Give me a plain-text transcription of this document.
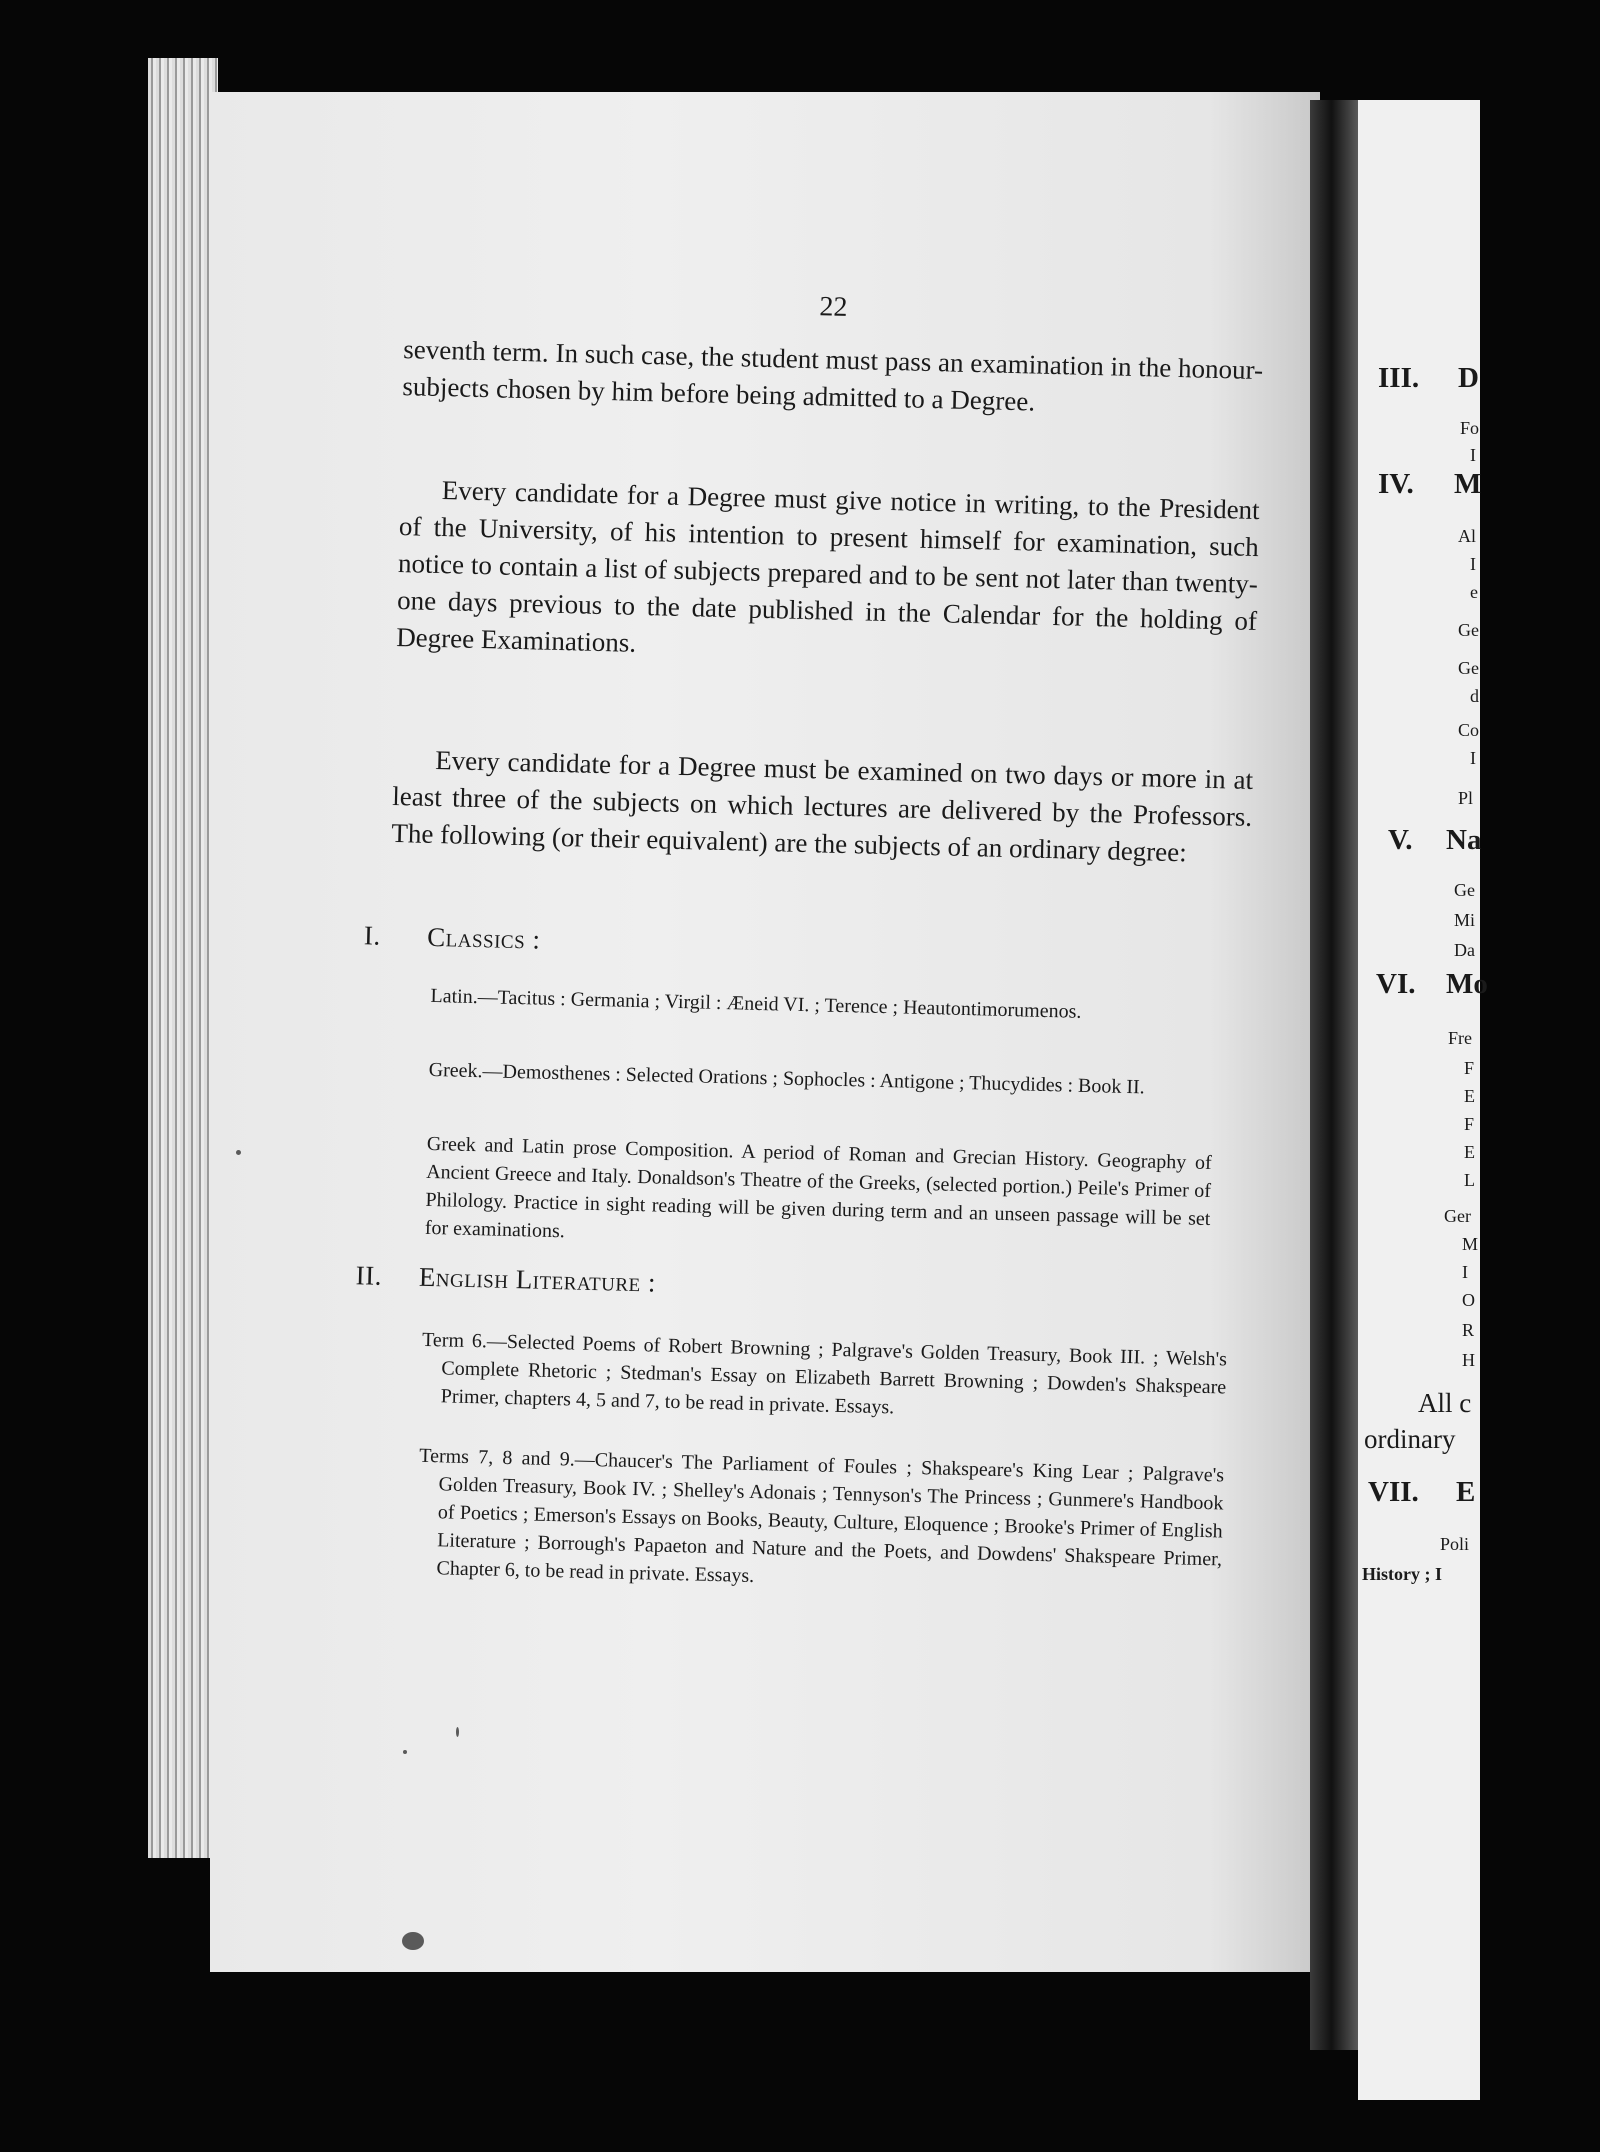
III. D
Fo
I
IV. M
Al
I
e
Ge
Ge
d
Co
I
Pl
V. Na
Ge
Mi
Da
VI. Mo
Fre
F
E
F
E
L
Ger
M
I
O
R
H
All c
ordinary
VII. E
Poli
History ; I
22

seventh term. In such case, the student must pass an examination in the honour-subjects chosen by him before being admitted to a Degree.

Every candidate for a Degree must give notice in writing, to the President of the University, of his intention to present himself for examination, such notice to contain a list of subjects prepared and to be sent not later than twenty-one days previous to the date published in the Calendar for the holding of Degree Examinations.

Every candidate for a Degree must be examined on two days or more in at least three of the subjects on which lectures are delivered by the Professors. The following (or their equivalent) are the subjects of an ordinary degree:

I. Classics :

Latin.—Tacitus : Germania ; Virgil : Æneid VI. ; Terence ; Heautontimorumenos.

Greek.—Demosthenes : Selected Orations ; Sophocles : Antigone ; Thucydides : Book II.

Greek and Latin prose Composition. A period of Roman and Grecian History. Geography of Ancient Greece and Italy. Donaldson's Theatre of the Greeks, (selected portion.) Peile's Primer of Philology. Practice in sight reading will be given during term and an unseen passage will be set for examinations.

II. English Literature :

Term 6.—Selected Poems of Robert Browning ; Palgrave's Golden Treasury, Book III. ; Welsh's Complete Rhetoric ; Stedman's Essay on Elizabeth Barrett Browning ; Dowden's Shakspeare Primer, chapters 4, 5 and 7, to be read in private. Essays.

Terms 7, 8 and 9.—Chaucer's The Parliament of Foules ; Shakspeare's King Lear ; Palgrave's Golden Treasury, Book IV. ; Shelley's Adonais ; Tennyson's The Princess ; Gunmere's Handbook of Poetics ; Emerson's Essays on Books, Beauty, Culture, Eloquence ; Brooke's Primer of English Literature ; Borrough's Papaeton and Nature and the Poets, and Dowdens' Shakspeare Primer, Chapter 6, to be read in private. Essays.
